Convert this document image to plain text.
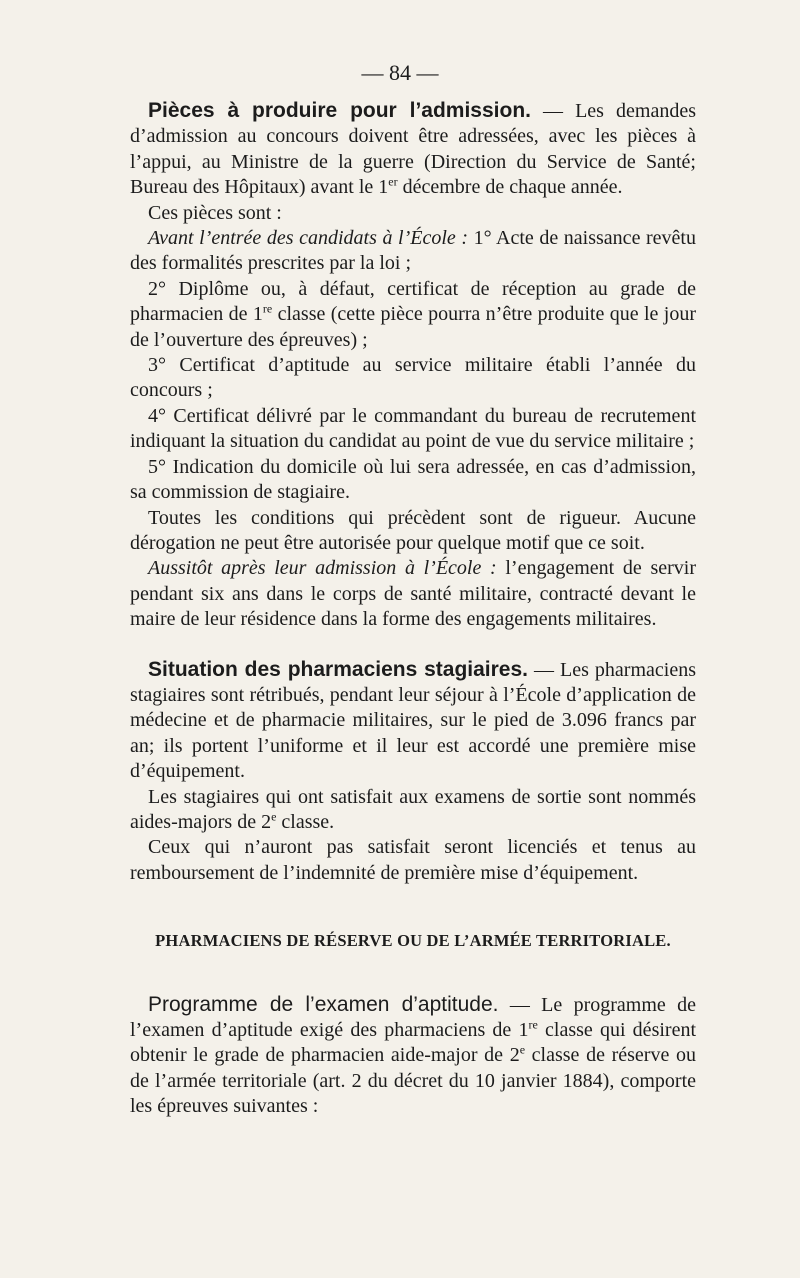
— 84 —

Pièces à produire pour l’admission. — Les demandes d’admission au concours doivent être adressées, avec les pièces à l’appui, au Ministre de la guerre (Direction du Service de Santé; Bureau des Hôpitaux) avant le 1er décembre de chaque année.

Ces pièces sont :

Avant l’entrée des candidats à l’École : 1° Acte de naissance revêtu des formalités prescrites par la loi ;

2° Diplôme ou, à défaut, certificat de réception au grade de pharmacien de 1re classe (cette pièce pourra n’être produite que le jour de l’ouverture des épreuves) ;

3° Certificat d’aptitude au service militaire établi l’année du concours ;

4° Certificat délivré par le commandant du bureau de recrutement indiquant la situation du candidat au point de vue du service militaire ;

5° Indication du domicile où lui sera adressée, en cas d’admission, sa commission de stagiaire.

Toutes les conditions qui précèdent sont de rigueur. Aucune dérogation ne peut être autorisée pour quelque motif que ce soit.

Aussitôt après leur admission à l’École : l’engagement de servir pendant six ans dans le corps de santé militaire, contracté devant le maire de leur résidence dans la forme des engagements militaires.

Situation des pharmaciens stagiaires. — Les pharmaciens stagiaires sont rétribués, pendant leur séjour à l’École d’application de médecine et de pharmacie militaires, sur le pied de 3.096 francs par an; ils portent l’uniforme et il leur est accordé une première mise d’équipement.

Les stagiaires qui ont satisfait aux examens de sortie sont nommés aides-majors de 2e classe.

Ceux qui n’auront pas satisfait seront licenciés et tenus au remboursement de l’indemnité de première mise d’équipement.

PHARMACIENS DE RÉSERVE OU DE L’ARMÉE TERRITORIALE.

Programme de l’examen d’aptitude. — Le programme de l’examen d’aptitude exigé des pharmaciens de 1re classe qui désirent obtenir le grade de pharmacien aide-major de 2e classe de réserve ou de l’armée territoriale (art. 2 du décret du 10 janvier 1884), comporte les épreuves suivantes :
